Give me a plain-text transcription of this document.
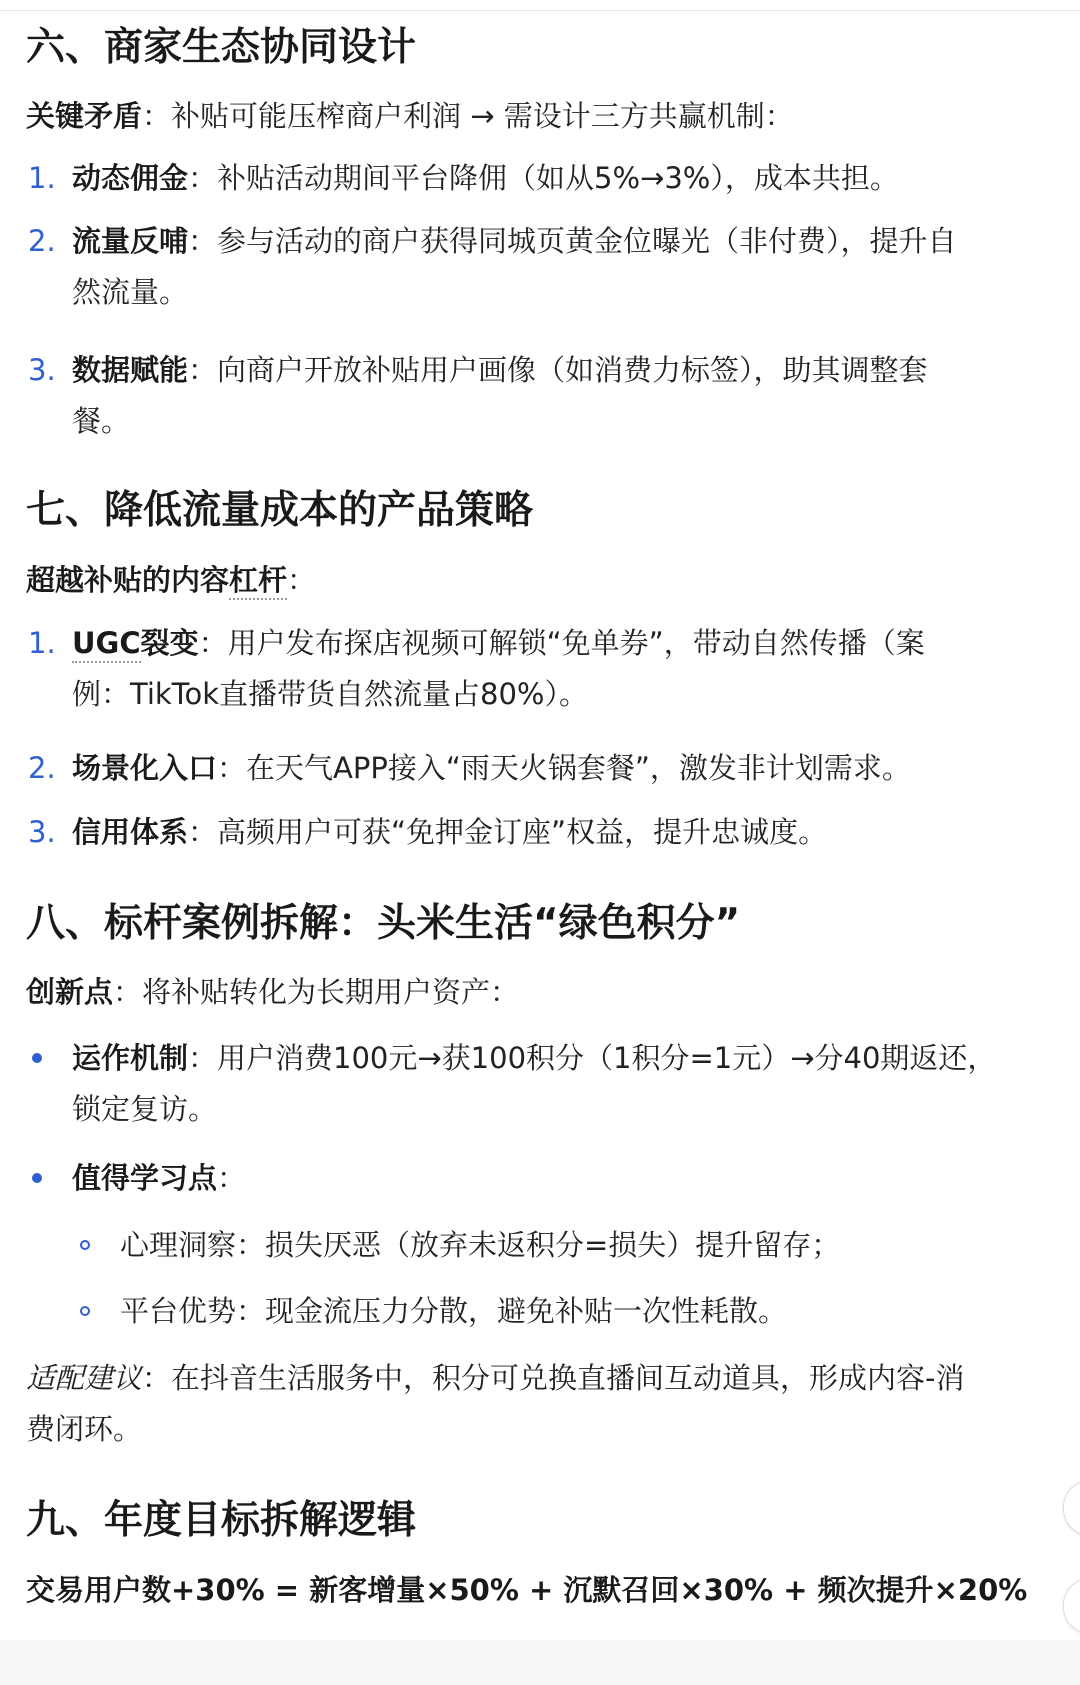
六、商家生态协同设计
关键矛盾：补贴可能压榨商户利润 → 需设计三方共赢机制：
1. 动态佣金：补贴活动期间平台降佣（如从5%→3%），成本共担。
2. 流量反哺：参与活动的商户获得同城页黄金位曝光（非付费），提升自
然流量。
3. 数据赋能：向商户开放补贴用户画像（如消费力标签），助其调整套
餐。
七、降低流量成本的产品策略
超越补贴的内容杠杆：
1. UGC裂变：用户发布探店视频可解锁“免单券”，带动自然传播（案
例：TikTok直播带货自然流量占80%）。
2. 场景化入口：在天气APP接入“雨天火锅套餐”，激发非计划需求。
3. 信用体系：高频用户可获“免押金订座”权益，提升忠诚度。
八、标杆案例拆解：头米生活“绿色积分”
创新点：将补贴转化为长期用户资产：
运作机制：用户消费100元→获100积分（1积分=1元）→分40期返还，
锁定复访。
值得学习点：
心理洞察：损失厌恶（放弃未返积分=损失）提升留存；
平台优势：现金流压力分散，避免补贴一次性耗散。
适配建议：在抖音生活服务中，积分可兑换直播间互动道具，形成内容-消
费闭环。
九、年度目标拆解逻辑
交易用户数+30% = 新客增量×50% + 沉默召回×30% + 频次提升×20%
